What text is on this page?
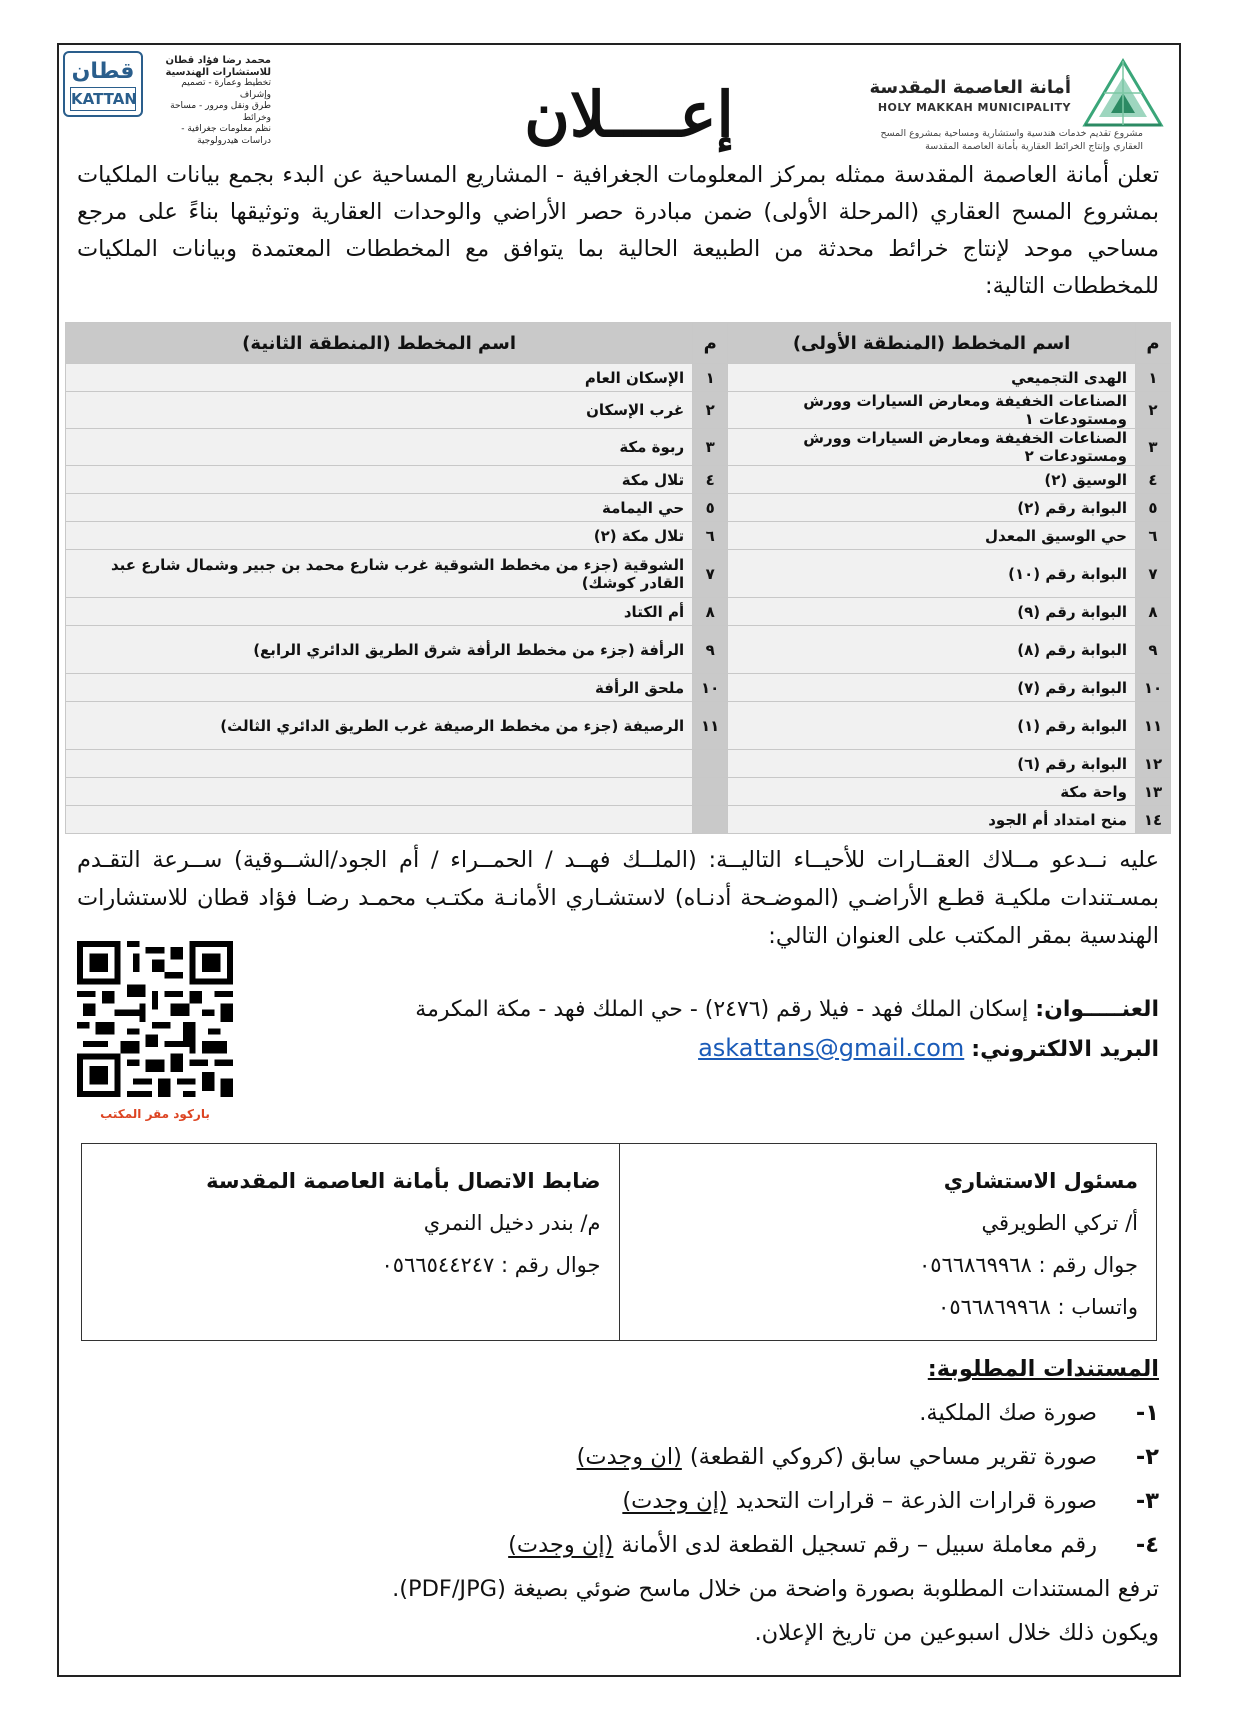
أمانة العاصمة المقدسة
HOLY MAKKAH MUNICIPALITY
مشروع تقديم خدمات هندسية واستشارية ومساحية بمشروع المسح العقاري وإنتاج الخرائط العقارية بأمانة العاصمة المقدسة
إعــــلان
قطان
KATTAN
محمد رضا فؤاد قطان
للاستشارات الهندسية
تخطيط وعمارة - تصميم وإشراف
طرق ونقل ومرور - مساحة وخرائط
نظم معلومات جغرافية - دراسات هيدرولوجية
تعلن أمانة العاصمة المقدسة ممثله بمركز المعلومات الجغرافية - المشاريع المساحية عن البدء بجمع بيانات الملكيات بمشروع المسح العقاري (المرحلة الأولى) ضمن مبادرة حصر الأراضي والوحدات العقارية وتوثيقها بناءً على مرجع مساحي موحد لإنتاج خرائط محدثة من الطبيعة الحالية بما يتوافق مع المخططات المعتمدة وبيانات الملكيات للمخططات التالية:
م	اسم المخطط (المنطقة الأولى)	م	اسم المخطط (المنطقة الثانية)
١	الهدى التجميعي	١	الإسكان العام
٢	الصناعات الخفيفة ومعارض السيارات وورش ومستودعات ١	٢	غرب الإسكان
٣	الصناعات الخفيفة ومعارض السيارات وورش ومستودعات ٢	٣	ربوة مكة
٤	الوسيق (٢)	٤	تلال مكة
٥	البوابة رقم (٢)	٥	حي اليمامة
٦	حي الوسيق المعدل	٦	تلال مكة (٢)
٧	البوابة رقم (١٠)	٧	الشوقية (جزء من مخطط الشوقية غرب شارع محمد بن جبير وشمال شارع عبد القادر كوشك)
٨	البوابة رقم (٩)	٨	أم الكتاد
٩	البوابة رقم (٨)	٩	الرأفة (جزء من مخطط الرأفة شرق الطريق الدائري الرابع)
١٠	البوابة رقم (٧)	١٠	ملحق الرأفة
١١	البوابة رقم (١)	١١	الرصيفة (جزء من مخطط الرصيفة غرب الطريق الدائري الثالث)
١٢	البوابة رقم (٦)		
١٣	واحة مكة		
١٤	منح امتداد أم الجود		
عليه نــدعو مــلاك العقــارات للأحيــاء التاليــة: (الملــك فهــد / الحمــراء / أم الجود/الشــوقية) ســرعة التقـدم بمسـتندات ملكيـة قطـع الأراضـي (الموضـحة أدنـاه) لاستشـاري الأمانـة مكتـب محمـد رضـا فؤاد قطان للاستشارات الهندسية بمقر المكتب على العنوان التالي:
العنـــــوان: إسكان الملك فهد - فيلا رقم (٢٤٧٦) - حي الملك فهد - مكة المكرمة
البريد الالكتروني: askattans@gmail.com
باركود مقر المكتب
مسئول الاستشاري
أ/ تركي الطويرقي
جوال رقم : ٠٥٦٦٨٦٩٩٦٨
واتساب : ٠٥٦٦٨٦٩٩٦٨
ضابط الاتصال بأمانة العاصمة المقدسة
م/ بندر دخيل النمري
جوال رقم : ٠٥٦٦٥٤٤٢٤٧
المستندات المطلوبة:
١-
صورة صك الملكية.
٢-
صورة تقرير مساحي سابق (كروكي القطعة)
(ان وجدت)
٣-
صورة قرارات الذرعة – قرارات التحديد
(إن وجدت)
٤-
رقم معاملة سبيل – رقم تسجيل القطعة لدى الأمانة
(إن وجدت)
ترفع المستندات المطلوبة بصورة واضحة من خلال ماسح ضوئي بصيغة (PDF/JPG).
ويكون ذلك خلال اسبوعين من تاريخ الإعلان.
